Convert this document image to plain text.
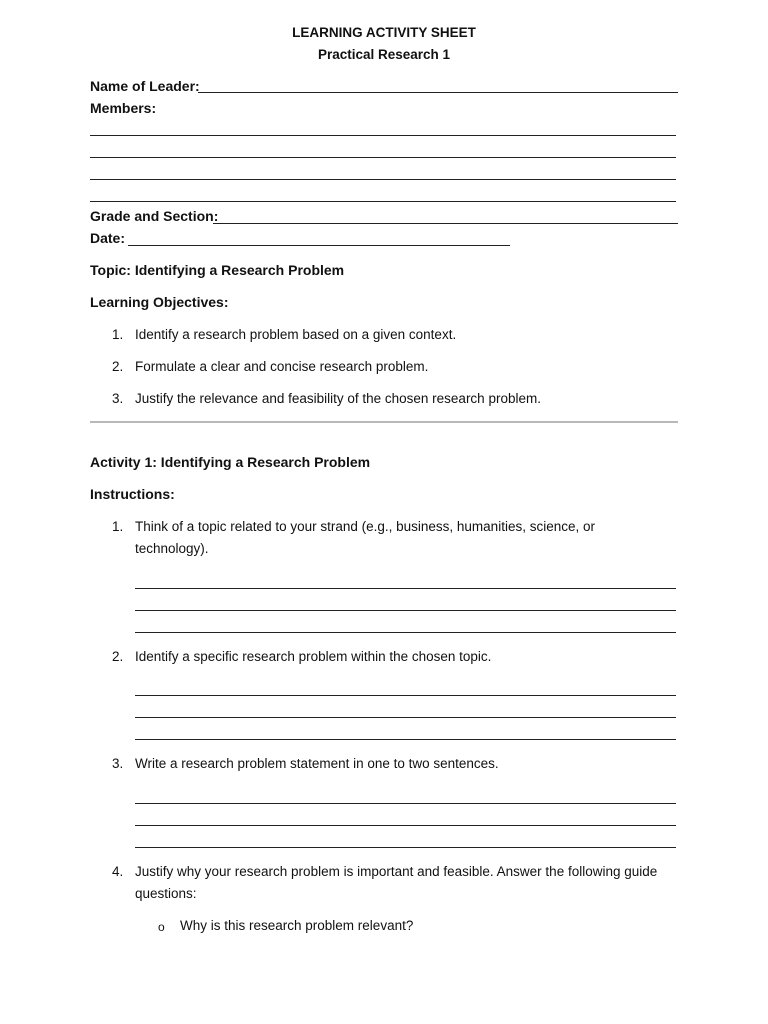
LEARNING ACTIVITY SHEET
Practical Research 1
Name of Leader:
Members:
Grade and Section:
Date:
Topic: Identifying a Research Problem
Learning Objectives:
1. Identify a research problem based on a given context.
2. Formulate a clear and concise research problem.
3. Justify the relevance and feasibility of the chosen research problem.
Activity 1: Identifying a Research Problem
Instructions:
1. Think of a topic related to your strand (e.g., business, humanities, science, or
technology).
2. Identify a specific research problem within the chosen topic.
3. Write a research problem statement in one to two sentences.
4. Justify why your research problem is important and feasible. Answer the following guide
questions:
o Why is this research problem relevant?
